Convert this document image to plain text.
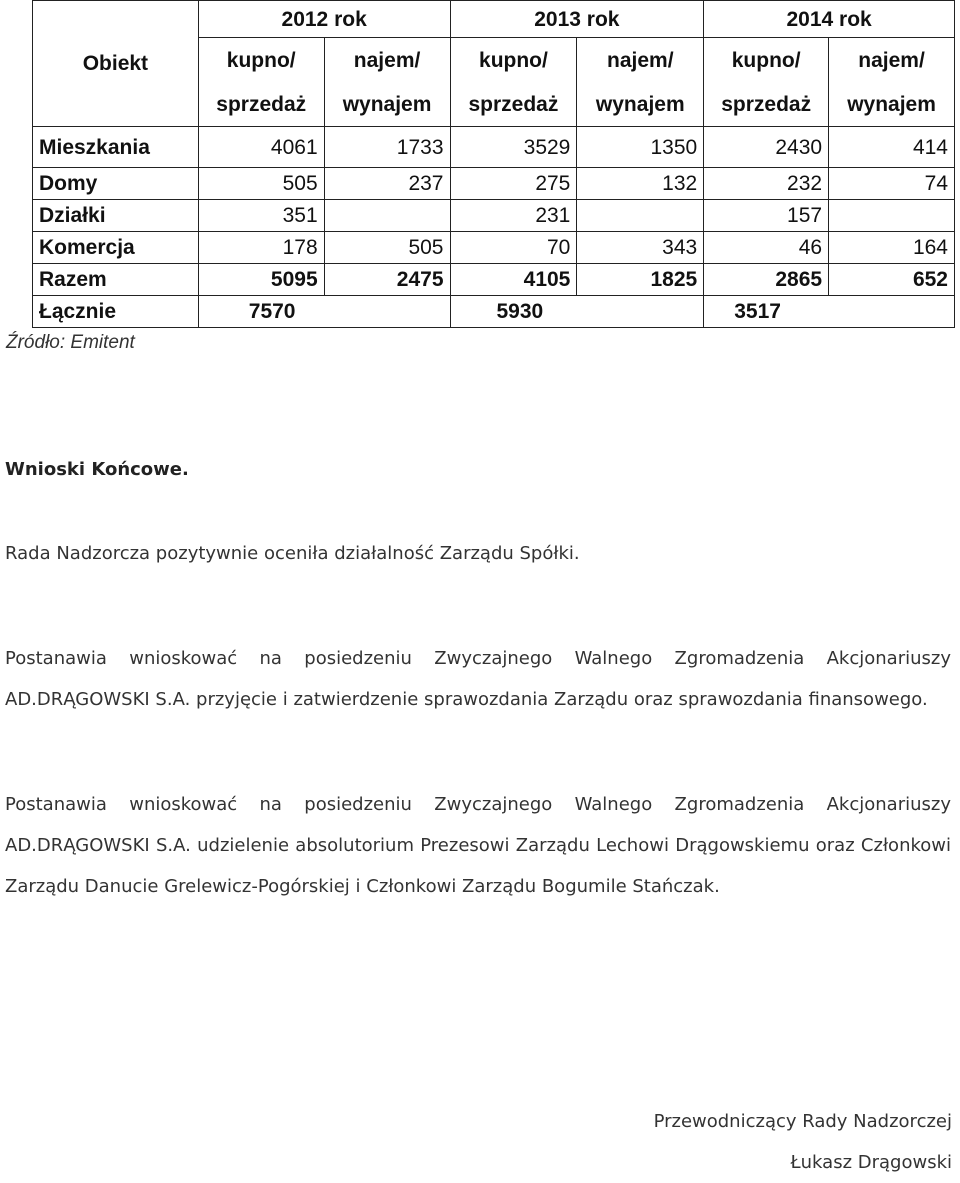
Obiekt	2012 rok		2013 rok		2014 rok	
	kupno/	najem/	kupno/	najem/	kupno/	najem/
	sprzedaż	wynajem	sprzedaż	wynajem	sprzedaż	wynajem
Mieszkania	4061	1733	3529	1350	2430	414
Domy	505	237	275	132	232	74
Działki	351		231		157	
Komercja	178	505	70	343	46	164
Razem	5095	2475	4105	1825	2865	652
Łącznie	7570		5930		3517	
Źródło: Emitent
Wnioski Końcowe.

Rada Nadzorcza pozytywnie oceniła działalność Zarządu Spółki.

Postanawia wnioskować na posiedzeniu Zwyczajnego Walnego Zgromadzenia Akcjonariuszy AD.DRĄGOWSKI S.A. przyjęcie i zatwierdzenie sprawozdania Zarządu oraz sprawozdania finansowego.

Postanawia wnioskować na posiedzeniu Zwyczajnego Walnego Zgromadzenia Akcjonariuszy AD.DRĄGOWSKI S.A. udzielenie absolutorium Prezesowi Zarządu Lechowi Drągowskiemu oraz Członkowi Zarządu Danucie Grelewicz-Pogórskiej i Członkowi Zarządu Bogumile Stańczak.

Przewodniczący Rady Nadzorczej
Łukasz Drągowski
